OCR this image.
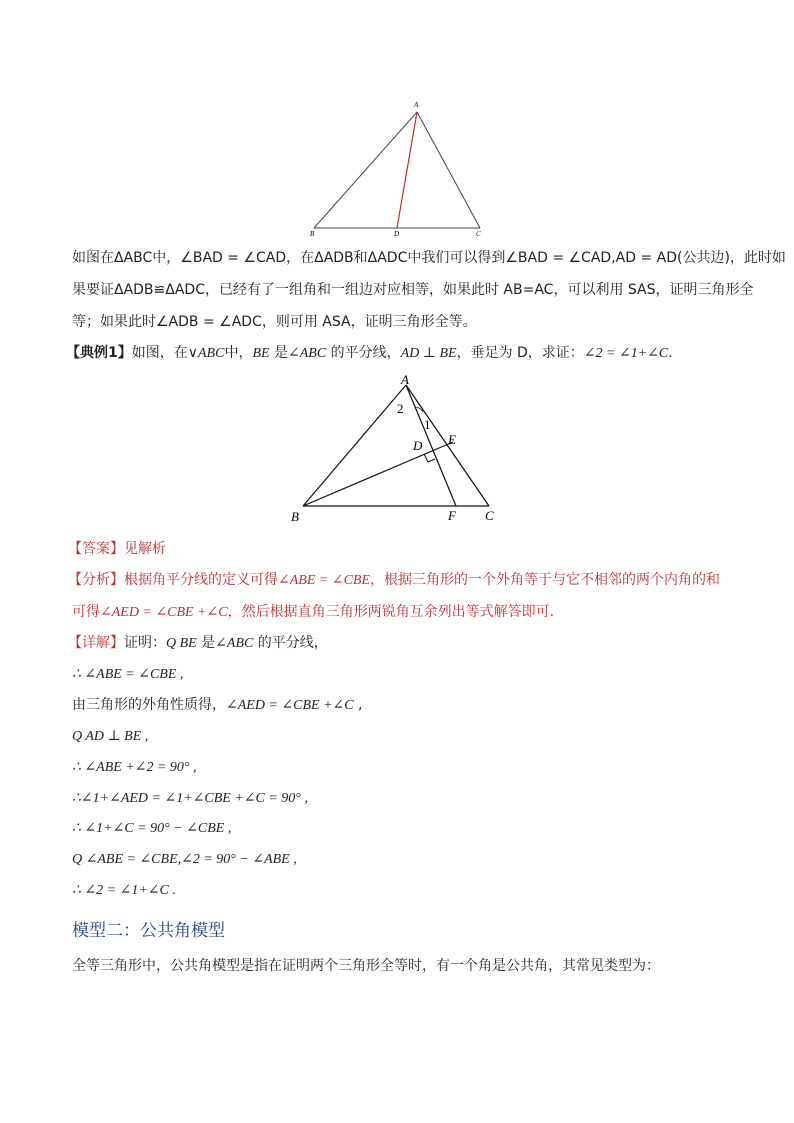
A
B	D	C
如图在ΔABC中，∠BAD = ∠CAD，在ΔADB和ΔADC中我们可以得到∠BAD = ∠CAD,AD = AD(公共边)，此时如
果要证ΔADB≌ΔADC，已经有了一组角和一组边对应相等，如果此时 AB=AC，可以利用 SAS，证明三角形全
等；如果此时∠ADB = ∠ADC，则可用 ASA，证明三角形全等。
【典例1】如图，在∨ABC中，BE 是∠ABC 的平分线，AD ⊥ BE，垂足为 D，求证：∠2 = ∠1+∠C.
A
2
1
D E
B	F C
【答案】见解析
【分析】根据角平分线的定义可得∠ABE = ∠CBE，根据三角形的一个外角等于与它不相邻的两个内角的和
可得∠AED = ∠CBE +∠C，然后根据直角三角形两锐角互余列出等式解答即可.
【详解】证明：Q BE 是∠ABC 的平分线，
∴ ∠ABE = ∠CBE ,
由三角形的外角性质得，∠AED = ∠CBE +∠C ,
Q AD ⊥ BE ,
∴ ∠ABE +∠2 = 90° ,
∴∠1+∠AED = ∠1+∠CBE +∠C = 90° ,
∴ ∠1+∠C = 90° − ∠CBE ,
Q ∠ABE = ∠CBE,∠2 = 90° − ∠ABE ,
∴ ∠2 = ∠1+∠C .
模型二：公共角模型
全等三角形中，公共角模型是指在证明两个三角形全等时，有一个角是公共角，其常见类型为：
